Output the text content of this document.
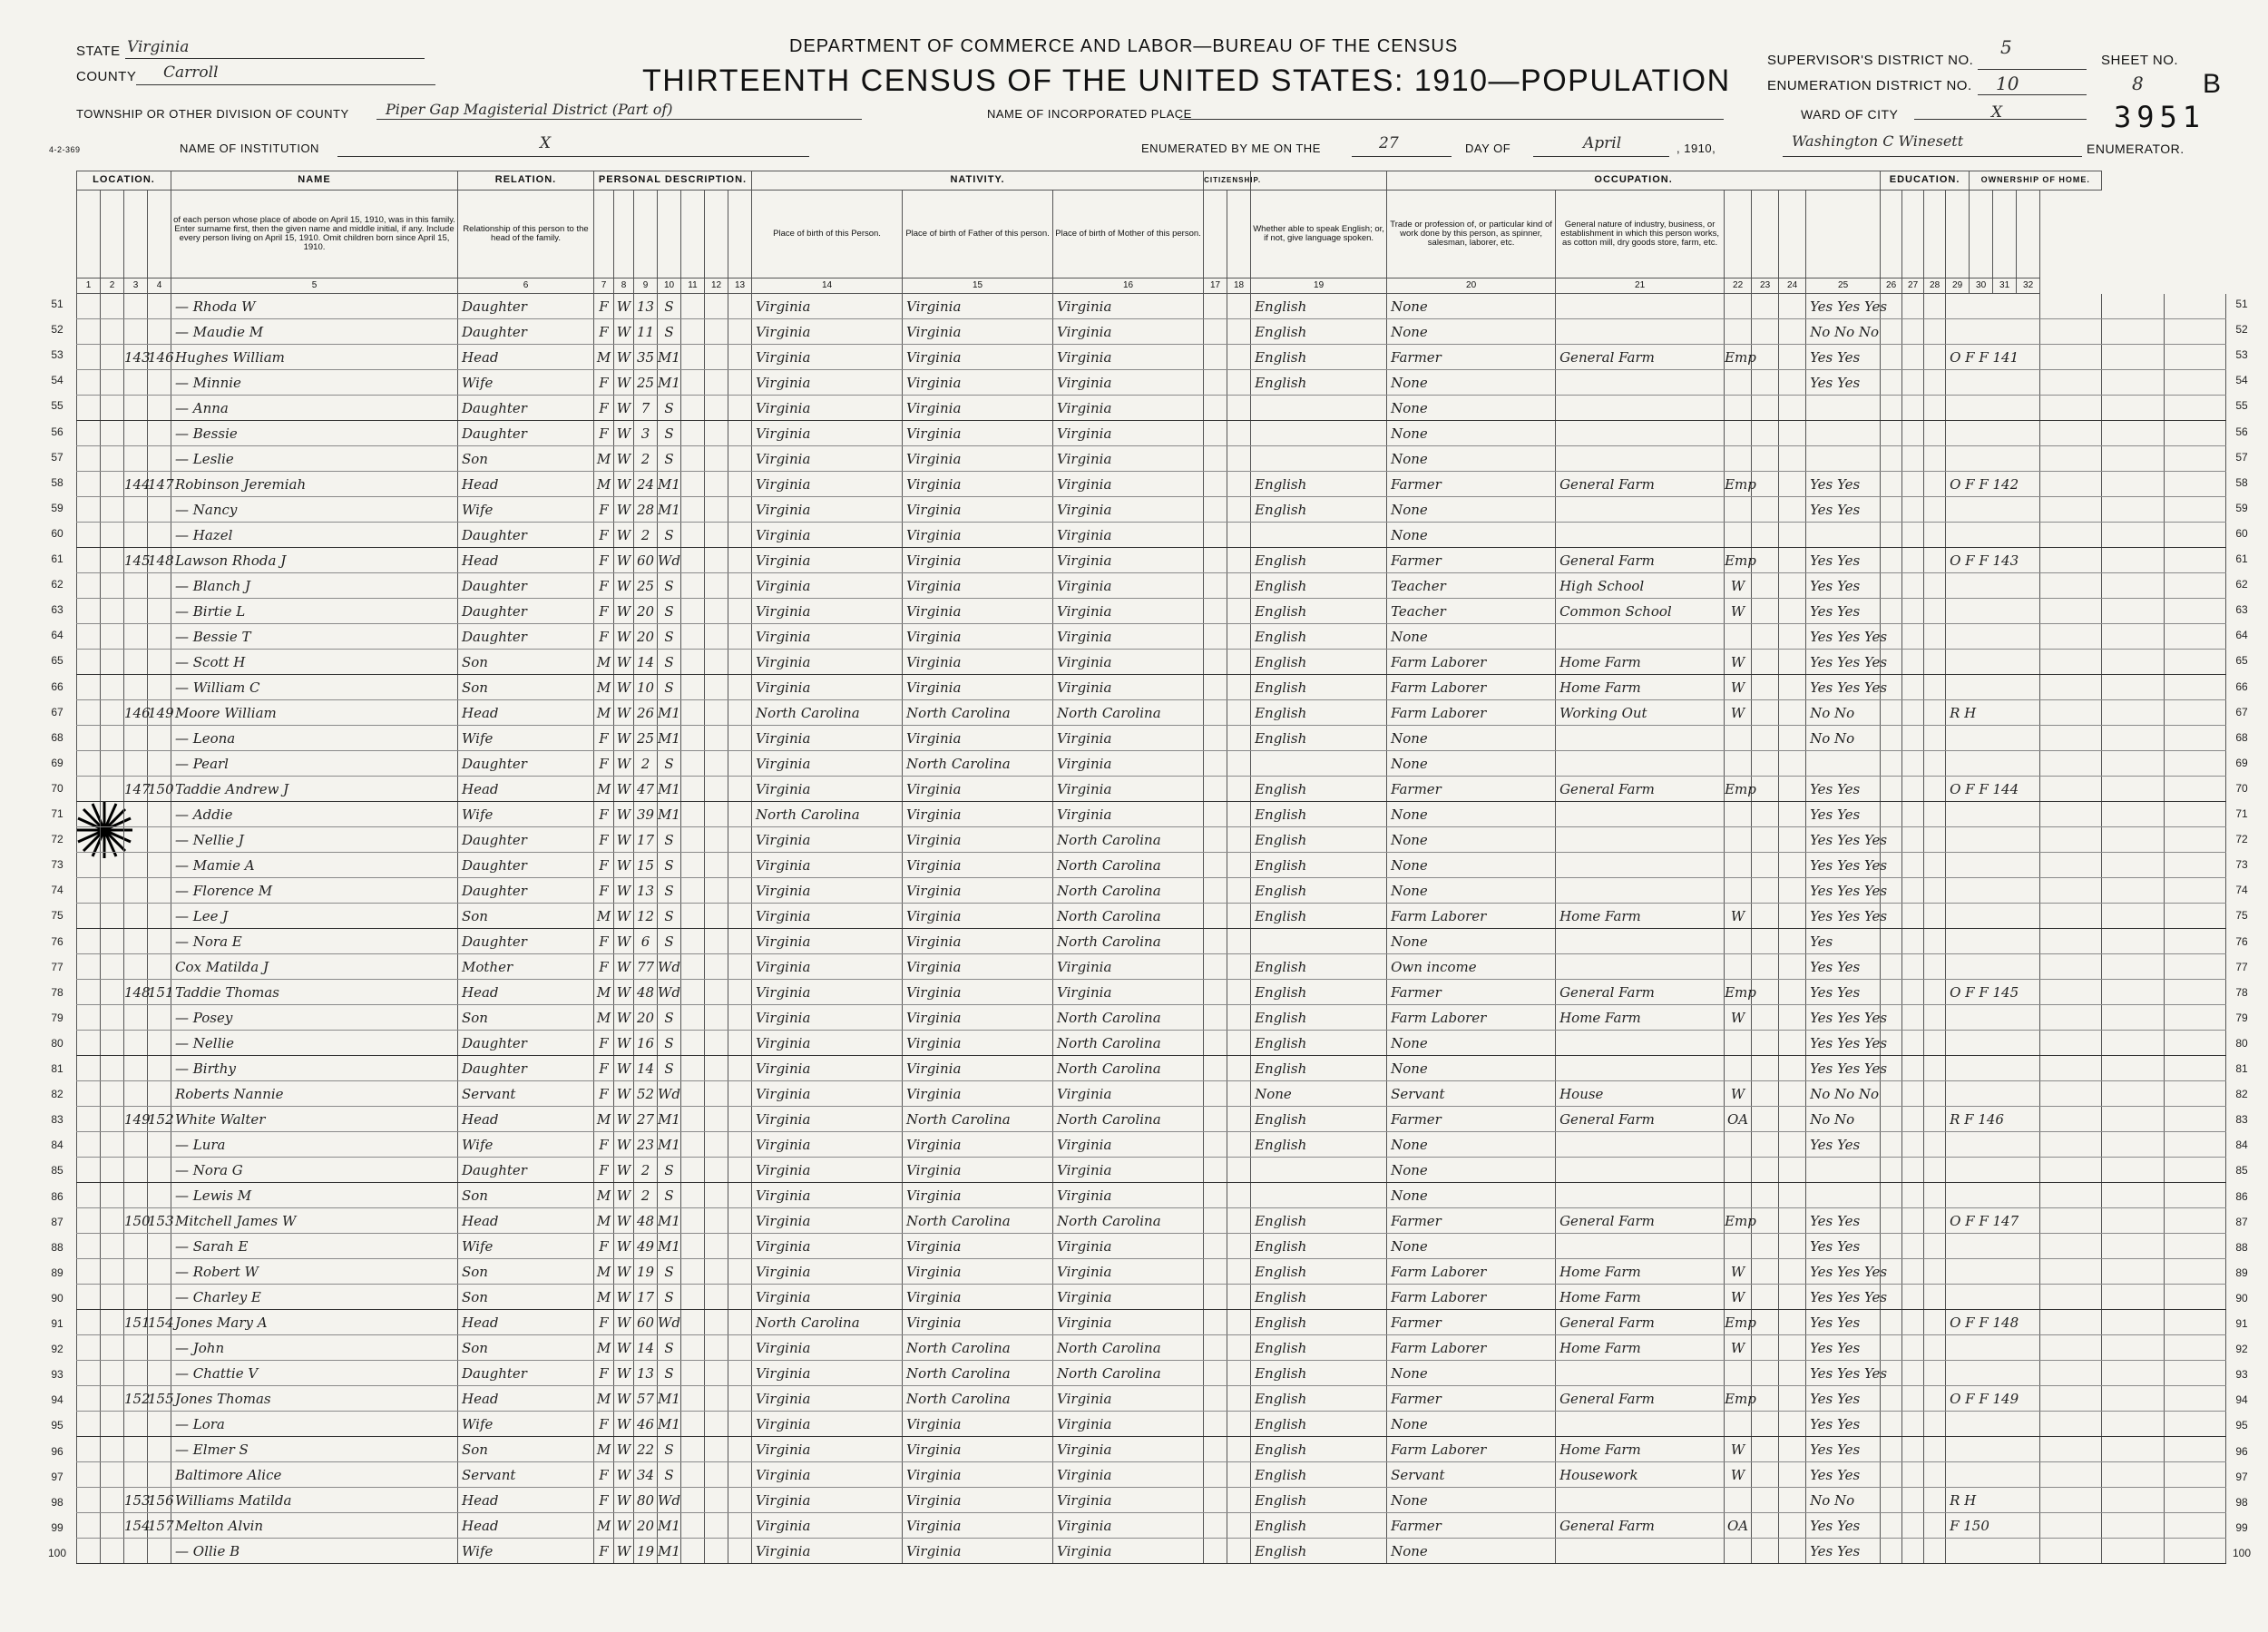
STATE Virginia
COUNTY Carroll
TOWNSHIP OR OTHER DIVISION OF COUNTY	Piper Gap Magisterial District (Part of)
4-2-369	NAME OF INSTITUTION	X
DEPARTMENT OF COMMERCE AND LABOR—BUREAU OF THE CENSUS
THIRTEENTH CENSUS OF THE UNITED STATES: 1910—POPULATION
NAME OF INCORPORATED PLACE
ENUMERATED BY ME ON THE	27	DAY OF	April	, 1910,	Washington C Winesett	ENUMERATOR.
SUPERVISOR'S DISTRICT NO.
5
SHEET NO.
ENUMERATION DISTRICT NO. 10	8 B
WARD OF CITY	X	3951
LOCATION.				NAME	RELATION.	PERSONAL DESCRIPTION.							NATIVITY.			CITIZENSHIP.			OCCUPATION.						EDUCATION.				OWNERSHIP OF HOME.					
				of each person whose place of abode on April 15, 1910, was in this family. Enter surname first, then the given name and middle initial, if any. Include every person living on April 15, 1910. Omit children born since April 15, 1910.	Relationship of this person to the head of the family.								Place of birth of this Person.	Place of birth of Father of this person.	Place of birth of Mother of this person.			Whether able to speak English; or, if not, give language spoken.	Trade or profession of, or particular kind of work done by this person, as spinner, salesman, laborer, etc.	General nature of industry, business, or establishment in which this person works, as cotton mill, dry goods store, farm, etc.														
1	2	3	4	5	6	7	8	9	10	11	12	13	14	15	16	17	18	19	20	21	22	23	24	25	26	27	28	29	30	31	32			
				— Rhoda W	Daughter	F	W	13	S				Virginia	Virginia	Virginia			English	None					Yes Yes Yes										
				— Maudie M	Daughter	F	W	11	S				Virginia	Virginia	Virginia			English	None					No No No										
		143	146	Hughes William	Head	M	W	35	M1				Virginia	Virginia	Virginia			English	Farmer	General Farm	Emp			Yes Yes				O F F 141						
				— Minnie	Wife	F	W	25	M1				Virginia	Virginia	Virginia			English	None					Yes Yes										
				— Anna	Daughter	F	W	7	S				Virginia	Virginia	Virginia				None															
				— Bessie	Daughter	F	W	3	S				Virginia	Virginia	Virginia				None															
				— Leslie	Son	M	W	2	S				Virginia	Virginia	Virginia				None															
		144	147	Robinson Jeremiah	Head	M	W	24	M1				Virginia	Virginia	Virginia			English	Farmer	General Farm	Emp			Yes Yes				O F F 142						
				— Nancy	Wife	F	W	28	M1				Virginia	Virginia	Virginia			English	None					Yes Yes										
				— Hazel	Daughter	F	W	2	S				Virginia	Virginia	Virginia				None															
		145	148	Lawson Rhoda J	Head	F	W	60	Wd				Virginia	Virginia	Virginia			English	Farmer	General Farm	Emp			Yes Yes				O F F 143						
				— Blanch J	Daughter	F	W	25	S				Virginia	Virginia	Virginia			English	Teacher	High School	W			Yes Yes										
				— Birtie L	Daughter	F	W	20	S				Virginia	Virginia	Virginia			English	Teacher	Common School	W			Yes Yes										
				— Bessie T	Daughter	F	W	20	S				Virginia	Virginia	Virginia			English	None					Yes Yes Yes										
				— Scott H	Son	M	W	14	S				Virginia	Virginia	Virginia			English	Farm Laborer	Home Farm	W			Yes Yes Yes										
				— William C	Son	M	W	10	S				Virginia	Virginia	Virginia			English	Farm Laborer	Home Farm	W			Yes Yes Yes										
		146	149	Moore William	Head	M	W	26	M1				North Carolina	North Carolina	North Carolina			English	Farm Laborer	Working Out	W			No No				R H						
				— Leona	Wife	F	W	25	M1				Virginia	Virginia	Virginia			English	None					No No										
				— Pearl	Daughter	F	W	2	S				Virginia	North Carolina	Virginia				None															
		147	150	Taddie Andrew J	Head	M	W	47	M1				Virginia	Virginia	Virginia			English	Farmer	General Farm	Emp			Yes Yes				O F F 144						
				— Addie	Wife	F	W	39	M1				North Carolina	Virginia	Virginia			English	None					Yes Yes										
				— Nellie J	Daughter	F	W	17	S				Virginia	Virginia	North Carolina			English	None					Yes Yes Yes										
				— Mamie A	Daughter	F	W	15	S				Virginia	Virginia	North Carolina			English	None					Yes Yes Yes										
				— Florence M	Daughter	F	W	13	S				Virginia	Virginia	North Carolina			English	None					Yes Yes Yes										
				— Lee J	Son	M	W	12	S				Virginia	Virginia	North Carolina			English	Farm Laborer	Home Farm	W			Yes Yes Yes										
				— Nora E	Daughter	F	W	6	S				Virginia	Virginia	North Carolina				None					Yes										
				Cox Matilda J	Mother	F	W	77	Wd				Virginia	Virginia	Virginia			English	Own income					Yes Yes										
		148	151	Taddie Thomas	Head	M	W	48	Wd				Virginia	Virginia	Virginia			English	Farmer	General Farm	Emp			Yes Yes				O F F 145						
				— Posey	Son	M	W	20	S				Virginia	Virginia	North Carolina			English	Farm Laborer	Home Farm	W			Yes Yes Yes										
				— Nellie	Daughter	F	W	16	S				Virginia	Virginia	North Carolina			English	None					Yes Yes Yes										
				— Birthy	Daughter	F	W	14	S				Virginia	Virginia	North Carolina			English	None					Yes Yes Yes										
				Roberts Nannie	Servant	F	W	52	Wd				Virginia	Virginia	Virginia			None	Servant	House	W			No No No										
		149	152	White Walter	Head	M	W	27	M1				Virginia	North Carolina	North Carolina			English	Farmer	General Farm	OA			No No				R F 146						
				— Lura	Wife	F	W	23	M1				Virginia	Virginia	Virginia			English	None					Yes Yes										
				— Nora G	Daughter	F	W	2	S				Virginia	Virginia	Virginia				None															
				— Lewis M	Son	M	W	2	S				Virginia	Virginia	Virginia				None															
		150	153	Mitchell James W	Head	M	W	48	M1				Virginia	North Carolina	North Carolina			English	Farmer	General Farm	Emp			Yes Yes				O F F 147						
				— Sarah E	Wife	F	W	49	M1				Virginia	Virginia	Virginia			English	None					Yes Yes										
				— Robert W	Son	M	W	19	S				Virginia	Virginia	Virginia			English	Farm Laborer	Home Farm	W			Yes Yes Yes										
				— Charley E	Son	M	W	17	S				Virginia	Virginia	Virginia			English	Farm Laborer	Home Farm	W			Yes Yes Yes										
		151	154	Jones Mary A	Head	F	W	60	Wd				North Carolina	Virginia	Virginia			English	Farmer	General Farm	Emp			Yes Yes				O F F 148						
				— John	Son	M	W	14	S				Virginia	North Carolina	North Carolina			English	Farm Laborer	Home Farm	W			Yes Yes										
				— Chattie V	Daughter	F	W	13	S				Virginia	North Carolina	North Carolina			English	None					Yes Yes Yes										
		152	155	Jones Thomas	Head	M	W	57	M1				Virginia	North Carolina	Virginia			English	Farmer	General Farm	Emp			Yes Yes				O F F 149						
				— Lora	Wife	F	W	46	M1				Virginia	Virginia	Virginia			English	None					Yes Yes										
				— Elmer S	Son	M	W	22	S				Virginia	Virginia	Virginia			English	Farm Laborer	Home Farm	W			Yes Yes										
				Baltimore Alice	Servant	F	W	34	S				Virginia	Virginia	Virginia			English	Servant	Housework	W			Yes Yes										
		153	156	Williams Matilda	Head	F	W	80	Wd				Virginia	Virginia	Virginia			English	None					No No				R H						
		154	157	Melton Alvin	Head	M	W	20	M1				Virginia	Virginia	Virginia			English	Farmer	General Farm	OA			Yes Yes				F 150						
				— Ollie B	Wife	F	W	19	M1				Virginia	Virginia	Virginia			English	None					Yes Yes										
51
52
53
54
55
56
57
58
59
60
61
62
63
64
65
66
67
68
69
70
71
72
73
74
75
76
77
78
79
80
81
82
83
84
85
86
87
88
89
90
91
92
93
94
95
96
97
98
99
100
51
52
53
54
55
56
57
58
59
60
61
62
63
64
65
66
67
68
69
70
71
72
73
74
75
76
77
78
79
80
81
82
83
84
85
86
87
88
89
90
91
92
93
94
95
96
97
98
99
100
